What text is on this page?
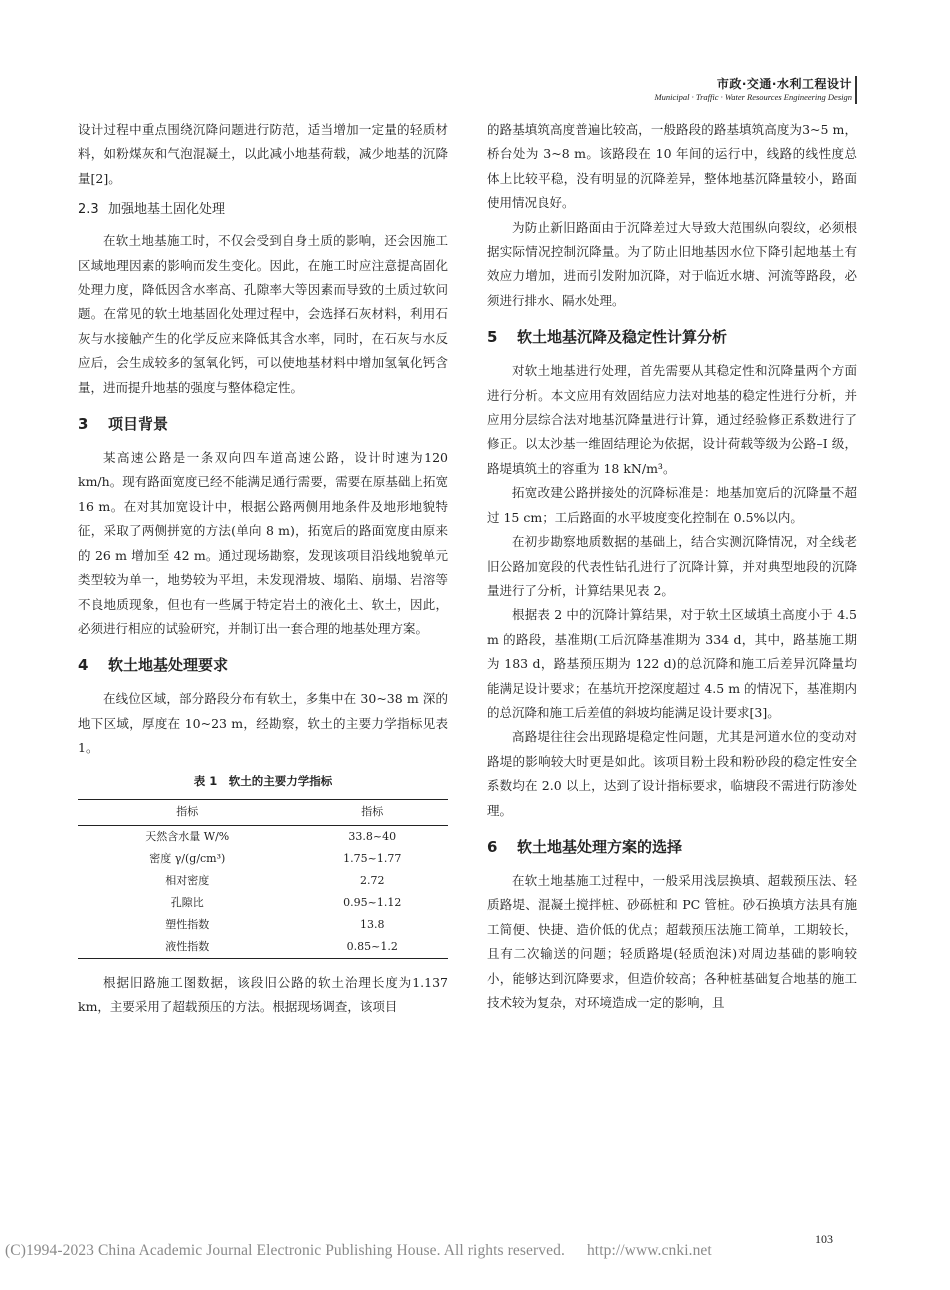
市政·交通·水利工程设计
Municipal · Traffic · Water Resources Engineering Design

设计过程中重点围绕沉降问题进行防范，适当增加一定量的轻质材料，如粉煤灰和气泡混凝土，以此减小地基荷载，减少地基的沉降量[2]。

2.3 加强地基土固化处理

在软土地基施工时，不仅会受到自身土质的影响，还会因施工区域地理因素的影响而发生变化。因此，在施工时应注意提高固化处理力度，降低因含水率高、孔隙率大等因素而导致的土质过软问题。在常见的软土地基固化处理过程中，会选择石灰材料，利用石灰与水接触产生的化学反应来降低其含水率，同时，在石灰与水反应后，会生成较多的氢氧化钙，可以使地基材料中增加氢氧化钙含量，进而提升地基的强度与整体稳定性。

3 项目背景

某高速公路是一条双向四车道高速公路，设计时速为120 km/h。现有路面宽度已经不能满足通行需要，需要在原基础上拓宽 16 m。在对其加宽设计中，根据公路两侧用地条件及地形地貌特征，采取了两侧拼宽的方法(单向 8 m)，拓宽后的路面宽度由原来的 26 m 增加至 42 m。通过现场勘察，发现该项目沿线地貌单元类型较为单一，地势较为平坦，未发现滑坡、塌陷、崩塌、岩溶等不良地质现象，但也有一些属于特定岩土的液化土、软土，因此，必须进行相应的试验研究，并制订出一套合理的地基处理方案。

4 软土地基处理要求

在线位区域，部分路段分布有软土，多集中在 30~38 m 深的地下区域，厚度在 10~23 m，经勘察，软土的主要力学指标见表 1。

表 1　软土的主要力学指标
指标	指标
天然含水量 W/%	33.8~40
密度 γ/(g/cm³)	1.75~1.77
相对密度	2.72
孔隙比	0.95~1.12
塑性指数	13.8
液性指数	0.85~1.2

根据旧路施工图数据，该段旧公路的软土治理长度为1.137 km，主要采用了超载预压的方法。根据现场调查，该项目

的路基填筑高度普遍比较高，一般路段的路基填筑高度为3~5 m，桥台处为 3~8 m。该路段在 10 年间的运行中，线路的线性度总体上比较平稳，没有明显的沉降差异，整体地基沉降量较小，路面使用情况良好。

为防止新旧路面由于沉降差过大导致大范围纵向裂纹，必须根据实际情况控制沉降量。为了防止旧地基因水位下降引起地基土有效应力增加，进而引发附加沉降，对于临近水塘、河流等路段，必须进行排水、隔水处理。

5 软土地基沉降及稳定性计算分析

对软土地基进行处理，首先需要从其稳定性和沉降量两个方面进行分析。本文应用有效固结应力法对地基的稳定性进行分析，并应用分层综合法对地基沉降量进行计算，通过经验修正系数进行了修正。以太沙基一维固结理论为依据，设计荷载等级为公路–I 级，路堤填筑土的容重为 18 kN/m³。

拓宽改建公路拼接处的沉降标准是：地基加宽后的沉降量不超过 15 cm；工后路面的水平坡度变化控制在 0.5%以内。

在初步勘察地质数据的基础上，结合实测沉降情况，对全线老旧公路加宽段的代表性钻孔进行了沉降计算，并对典型地段的沉降量进行了分析，计算结果见表 2。

根据表 2 中的沉降计算结果，对于软土区域填土高度小于 4.5 m 的路段，基准期(工后沉降基准期为 334 d，其中，路基施工期为 183 d，路基预压期为 122 d)的总沉降和施工后差异沉降量均能满足设计要求；在基坑开挖深度超过 4.5 m 的情况下，基准期内的总沉降和施工后差值的斜坡均能满足设计要求[3]。

高路堤往往会出现路堤稳定性问题，尤其是河道水位的变动对路堤的影响较大时更是如此。该项目粉土段和粉砂段的稳定性安全系数均在 2.0 以上，达到了设计指标要求，临塘段不需进行防渗处理。

6 软土地基处理方案的选择

在软土地基施工过程中，一般采用浅层换填、超载预压法、轻质路堤、混凝土搅拌桩、砂砾桩和 PC 管桩。砂石换填方法具有施工简便、快捷、造价低的优点；超载预压法施工简单，工期较长，且有二次输送的问题；轻质路堤(轻质泡沫)对周边基础的影响较小，能够达到沉降要求，但造价较高；各种桩基础复合地基的施工技术较为复杂，对环境造成一定的影响，且

103
(C)1994-2023 China Academic Journal Electronic Publishing House. All rights reserved. http://www.cnki.net
